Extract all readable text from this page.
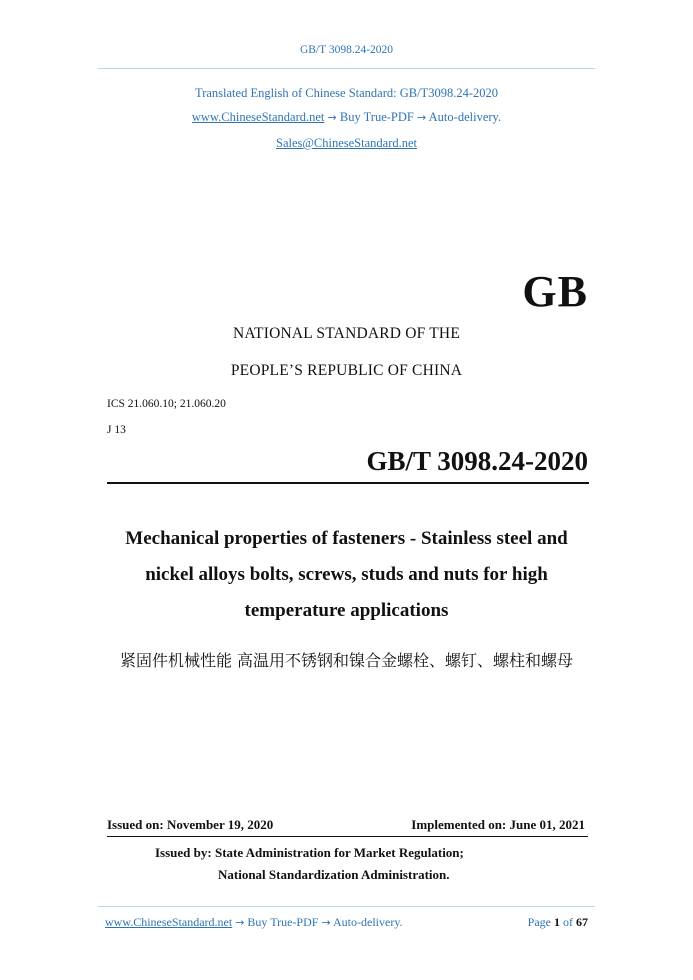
GB/T 3098.24-2020
Translated English of Chinese Standard: GB/T3098.24-2020
www.ChineseStandard.net → Buy True-PDF → Auto-delivery.
Sales@ChineseStandard.net
GB
NATIONAL STANDARD OF THE
PEOPLE’S REPUBLIC OF CHINA
ICS 21.060.10; 21.060.20
J 13
GB/T 3098.24-2020
Mechanical properties of fasteners - Stainless steel and
nickel alloys bolts, screws, studs and nuts for high
temperature applications
紧固件机械性能 高温用不锈钢和镍合金螺栓、螺钉、螺柱和螺母
Issued on: November 19, 2020	Implemented on: June 01, 2021
Issued by: State Administration for Market Regulation;
National Standardization Administration.
www.ChineseStandard.net → Buy True-PDF → Auto-delivery.	Page 1 of 67
